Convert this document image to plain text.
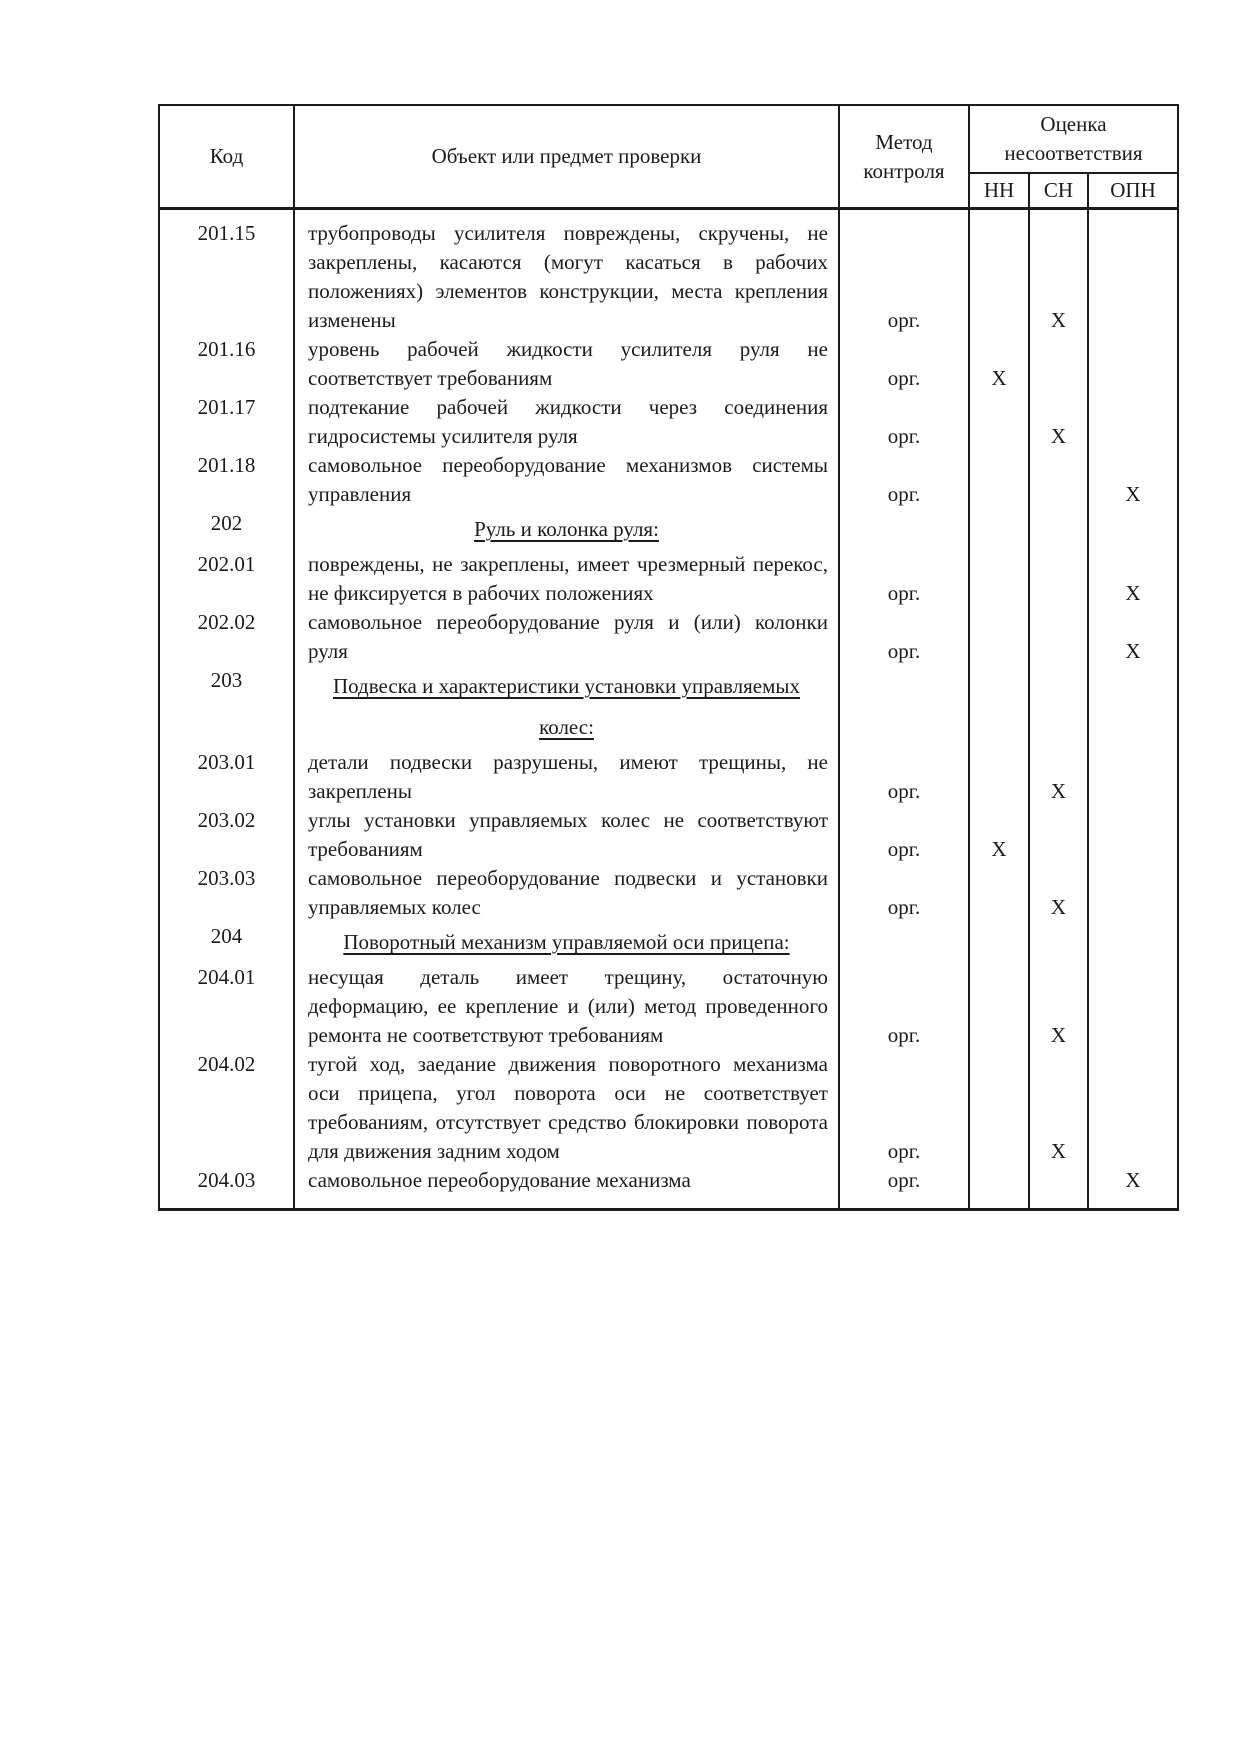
Код	Объект или предмет проверки	Метод контроля	Оценка несоответствия		
			НН	СН	ОПН
201.15	трубопроводы усилителя повреждены, скручены, не закреплены, касаются (могут касаться в рабочих положениях) элементов конструкции, места крепления изменены	орг.		Х	
201.16	уровень рабочей жидкости усилителя руля не соответствует требованиям	орг.	Х		
201.17	подтекание рабочей жидкости через соединения гидросистемы усилителя руля	орг.		Х	
201.18	самовольное переоборудование механизмов системы управления	орг.			Х
202	Руль и колонка руля:				
202.01	повреждены, не закреплены, имеет чрезмерный перекос, не фиксируется в рабочих положениях	орг.			Х
202.02	самовольное переоборудование руля и (или) колонки руля	орг.			Х
203	Подвеска и характеристики установки управляемых колес:				
203.01	детали подвески разрушены, имеют трещины, не закреплены	орг.		Х	
203.02	углы установки управляемых колес не соответствуют требованиям	орг.	Х		
203.03	самовольное переоборудование подвески и установки управляемых колес	орг.		Х	
204	Поворотный механизм управляемой оси прицепа:				
204.01	несущая деталь имеет трещину, остаточную деформацию, ее крепление и (или) метод проведенного ремонта не соответствуют требованиям	орг.		Х	
204.02	тугой ход, заедание движения поворотного механизма оси прицепа, угол поворота оси не соответствует требованиям, отсутствует средство блокировки поворота для движения задним ходом	орг.		Х	
204.03	самовольное переоборудование механизма	орг.			Х
